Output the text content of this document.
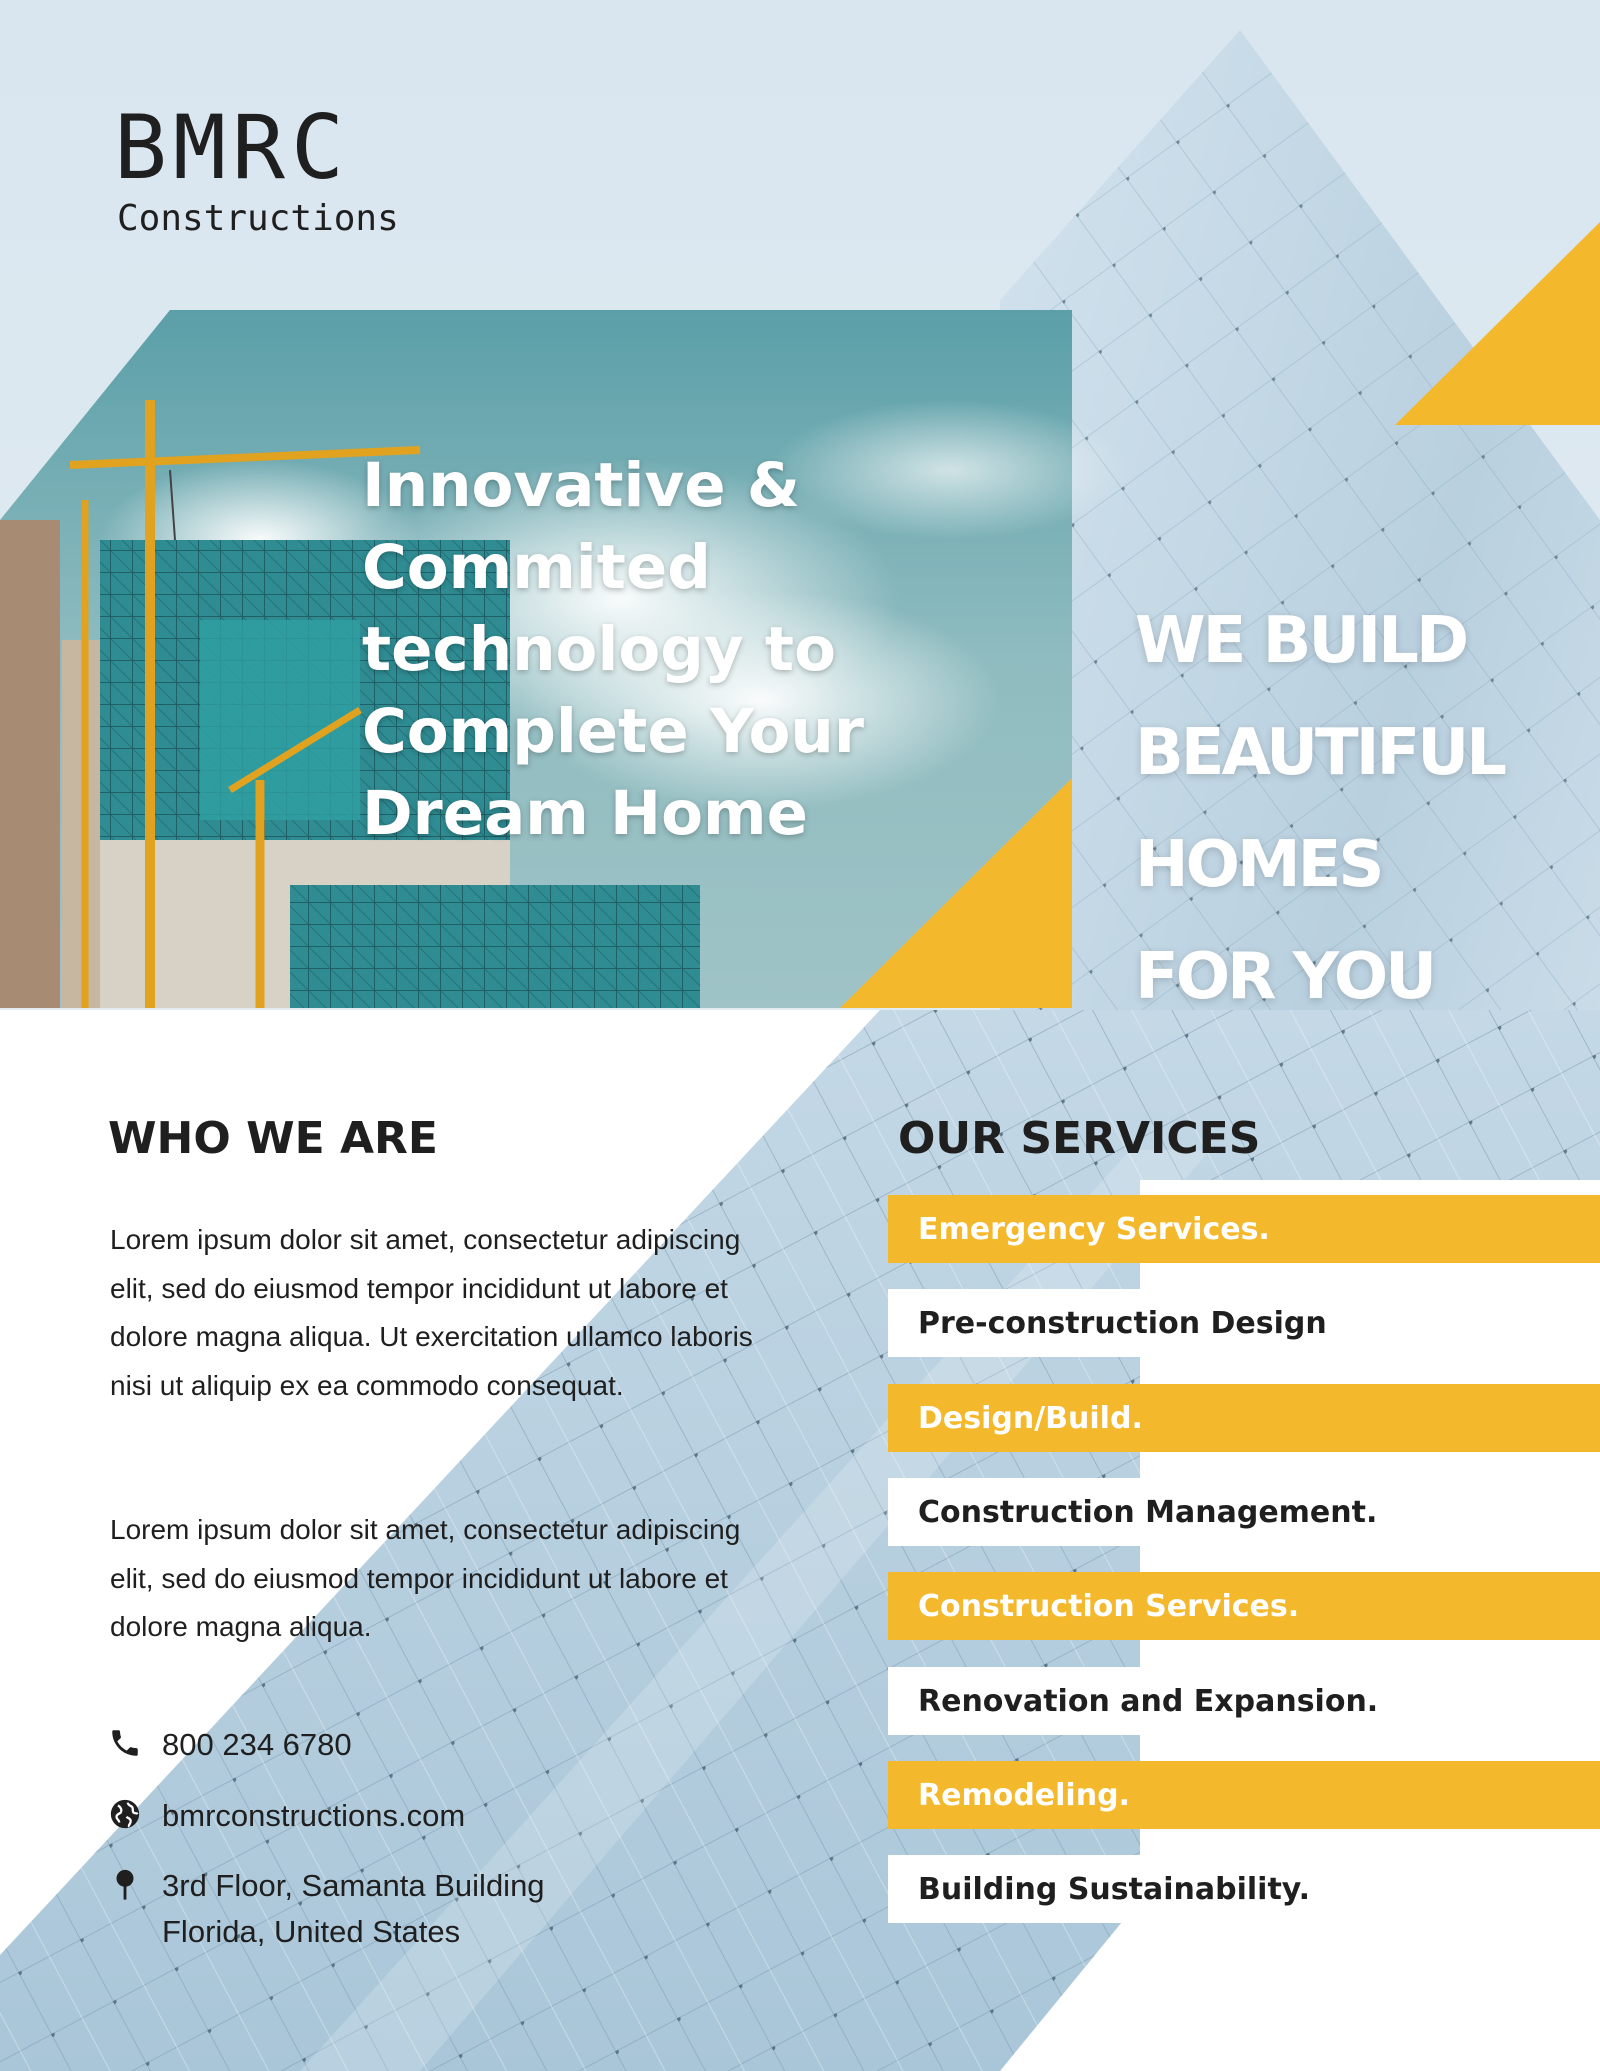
BMRC
Constructions
Innovative & Commited technology to Complete Your Dream Home
WE BUILD
BEAUTIFUL
HOMES
FOR YOU
WHO WE ARE

Lorem ipsum dolor sit amet, consectetur adipiscing elit, sed do eiusmod tempor incididunt ut labore et dolore magna aliqua. Ut exercitation ullamco laboris nisi ut aliquip ex ea commodo consequat.

Lorem ipsum dolor sit amet, consectetur adipiscing elit, sed do eiusmod tempor incididunt ut labore et dolore magna aliqua.

800 234 6780
bmrconstructions.com
3rd Floor, Samanta Building
Florida, United States
OUR SERVICES
Emergency Services.
Pre-construction Design
Design/Build.
Construction Management.
Construction Services.
Renovation and Expansion.
Remodeling.
Building Sustainability.
